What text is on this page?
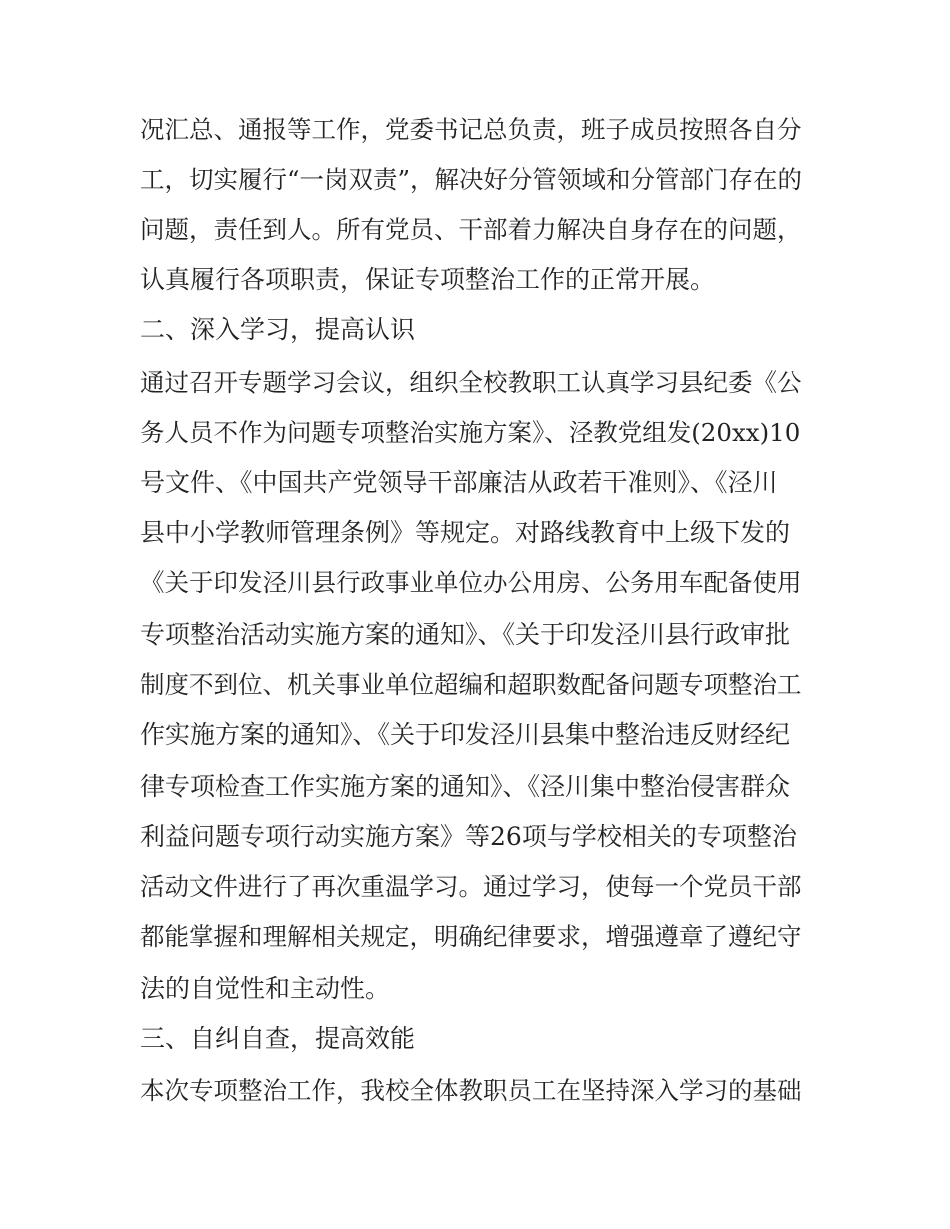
况汇总、通报等工作，党委书记总负责，班子成员按照各自分

工，切实履行“一岗双责”，解决好分管领域和分管部门存在的

问题，责任到人。所有党员、干部着力解决自身存在的问题，

认真履行各项职责，保证专项整治工作的正常开展。

二、深入学习，提高认识

通过召开专题学习会议，组织全校教职工认真学习县纪委《公

务人员不作为问题专项整治实施方案》、泾教党组发(20xx)10

号文件、《中国共产党领导干部廉洁从政若干准则》、《泾川

县中小学教师管理条例》等规定。对路线教育中上级下发的

《关于印发泾川县行政事业单位办公用房、公务用车配备使用

专项整治活动实施方案的通知》、《关于印发泾川县行政审批

制度不到位、机关事业单位超编和超职数配备问题专项整治工

作实施方案的通知》、《关于印发泾川县集中整治违反财经纪

律专项检查工作实施方案的通知》、《泾川集中整治侵害群众

利益问题专项行动实施方案》等26项与学校相关的专项整治

活动文件进行了再次重温学习。通过学习，使每一个党员干部

都能掌握和理解相关规定，明确纪律要求，增强遵章了遵纪守

法的自觉性和主动性。

三、自纠自查，提高效能

本次专项整治工作，我校全体教职员工在坚持深入学习的基础
